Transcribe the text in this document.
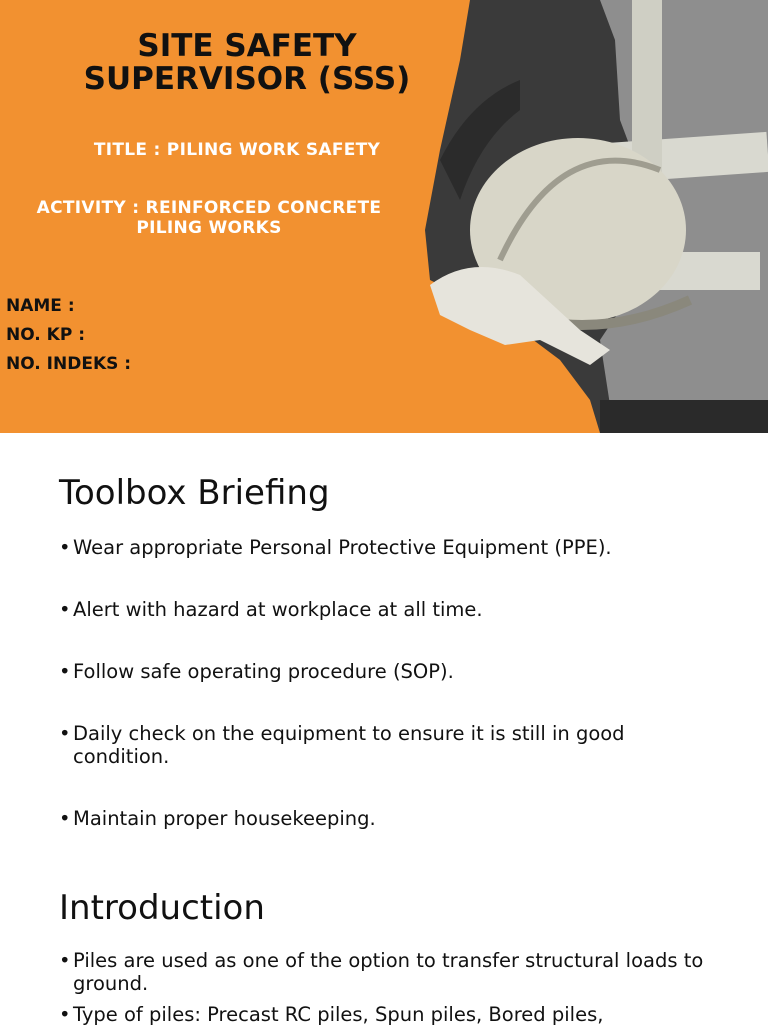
SITE SAFETY
SUPERVISOR (SSS)
TITLE : PILING WORK SAFETY
ACTIVITY : REINFORCED CONCRETE
PILING WORKS
NAME :
NO. KP :
NO. INDEKS :
Toolbox Briefing
• Wear appropriate Personal Protective Equipment (PPE).
• Alert with hazard at workplace at all time.
• Follow safe operating procedure (SOP).
• Daily check on the equipment to ensure it is still in good condition.
• Maintain proper housekeeping.
Introduction
• Piles are used as one of the option to transfer structural loads to ground.
• Type of piles: Precast RC piles, Spun piles, Bored piles,
